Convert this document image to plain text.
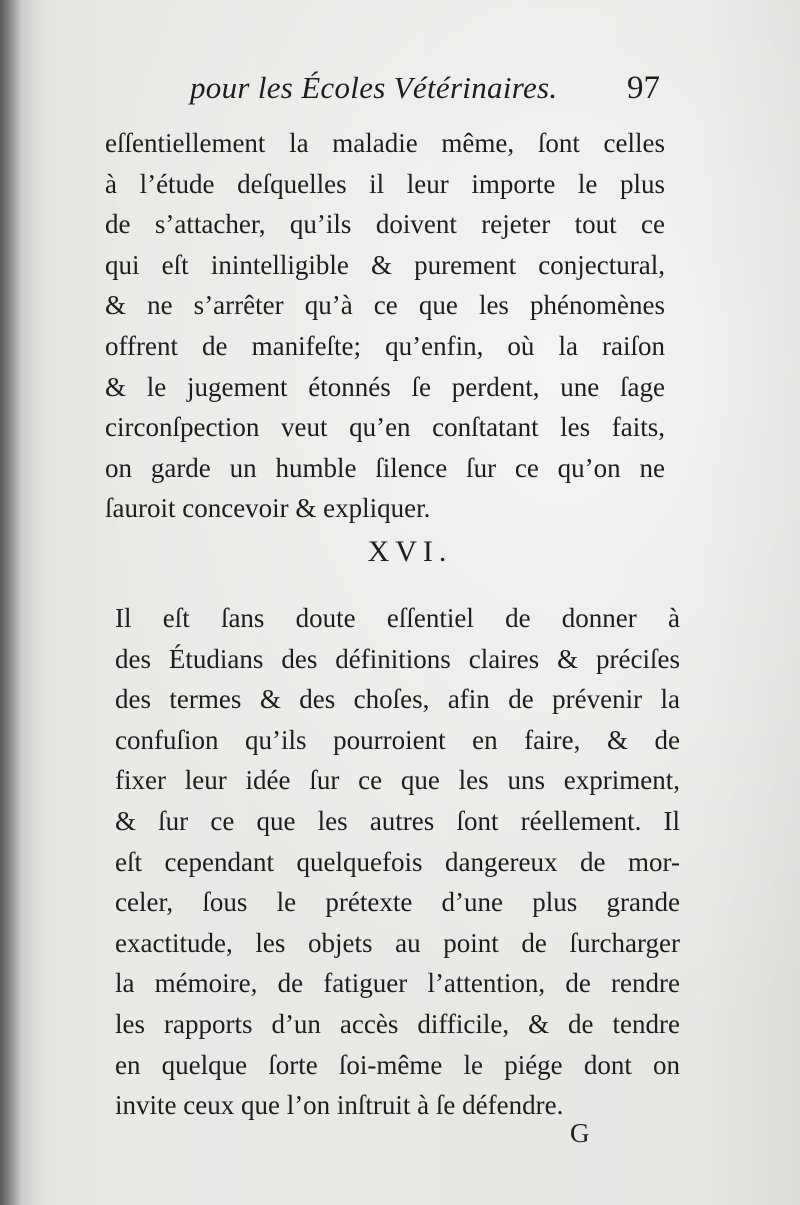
pour les Écoles Vétérinaires. 97
eſſentiellement la maladie même, ſont celles
à l’étude deſquelles il leur importe le plus
de s’attacher, qu’ils doivent rejeter tout ce
qui eſt inintelligible & purement conjectural,
& ne s’arrêter qu’à ce que les phénomènes
offrent de manifeſte; qu’enfin, où la raiſon
& le jugement étonnés ſe perdent, une ſage
circonſpection veut qu’en conſtatant les faits,
on garde un humble ſilence ſur ce qu’on ne
ſauroit concevoir & expliquer.
XVI.
Il eſt ſans doute eſſentiel de donner à
des Étudians des définitions claires & préciſes
des termes & des choſes, afin de prévenir la
confuſion qu’ils pourroient en faire, & de
fixer leur idée ſur ce que les uns expriment,
& ſur ce que les autres ſont réellement. Il
eſt cependant quelquefois dangereux de mor-
celer, ſous le prétexte d’une plus grande
exactitude, les objets au point de ſurcharger
la mémoire, de fatiguer l’attention, de rendre
les rapports d’un accès difficile, & de tendre
en quelque ſorte ſoi-même le piége dont on
invite ceux que l’on inſtruit à ſe défendre.
G
